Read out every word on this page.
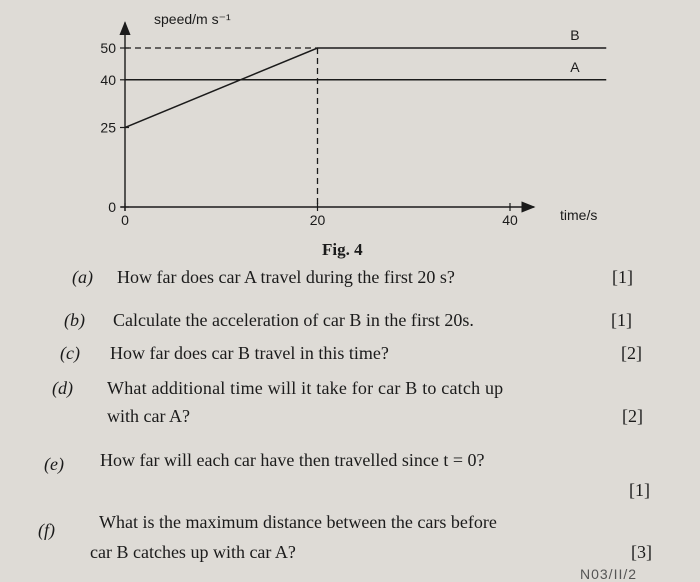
0	20	40
0
25
40
50
A
B
speed/m s⁻¹
time/s
Fig. 4
(a) How far does car A travel during the first 20 s?	[1]
(b) Calculate the acceleration of car B in the first 20s.	[1]
(c) How far does car B travel in this time?	[2]
(d) What additional time will it take for car B to catch up
with car A?	[2]
(e) How far will each car have then travelled since t = 0?
[1]
(f) What is the maximum distance between the cars before
car B catches up with car A?	[3]
N03/II/2
